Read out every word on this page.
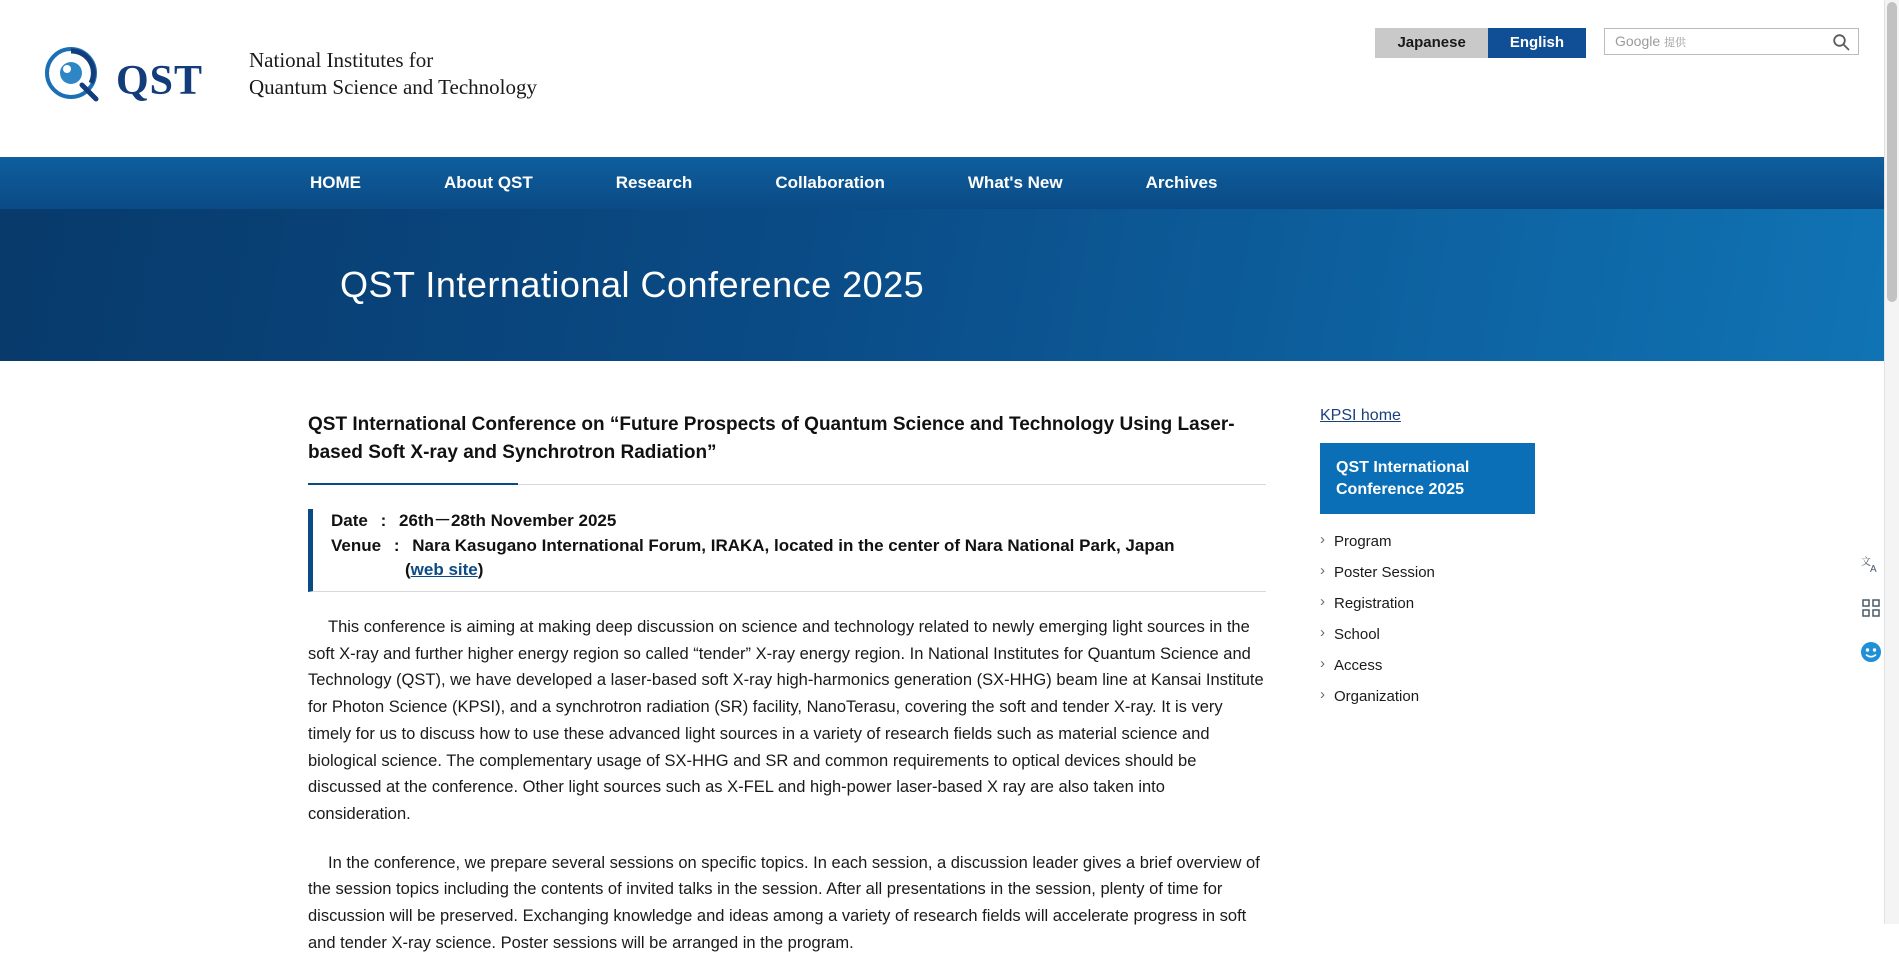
QST National Institutes for
Quantum Science and Technology
Japanese	English	Google 提供
HOME	About QST	Research	Collaboration	What's New	Archives
QST International Conference 2025
QST International Conference on “Future Prospects of Quantum Science and Technology Using Laser-based Soft X-ray and Synchrotron Radiation”
Date : 26th－28th November 2025
Venue : Nara Kasugano International Forum, IRAKA, located in the center of Nara National Park, Japan
(web site)

This conference is aiming at making deep discussion on science and technology related to newly emerging light sources in the soft X-ray and further higher energy region so called “tender” X-ray energy region. In National Institutes for Quantum Science and Technology (QST), we have developed a laser-based soft X-ray high-harmonics generation (SX-HHG) beam line at Kansai Institute for Photon Science (KPSI), and a synchrotron radiation (SR) facility, NanoTerasu, covering the soft and tender X-ray. It is very timely for us to discuss how to use these advanced light sources in a variety of research fields such as material science and biological science. The complementary usage of SX-HHG and SR and common requirements to optical devices should be discussed at the conference. Other light sources such as X-FEL and high-power laser-based X ray are also taken into consideration.

In the conference, we prepare several sessions on specific topics. In each session, a discussion leader gives a brief overview of the session topics including the contents of invited talks in the session. After all presentations in the session, plenty of time for discussion will be preserved. Exchanging knowledge and ideas among a variety of research fields will accelerate progress in soft and tender X-ray science. Poster sessions will be arranged in the program.

KPSI home
QST International Conference 2025
› Program
› Poster Session
› Registration
› School
› Access
› Organization
文
A
